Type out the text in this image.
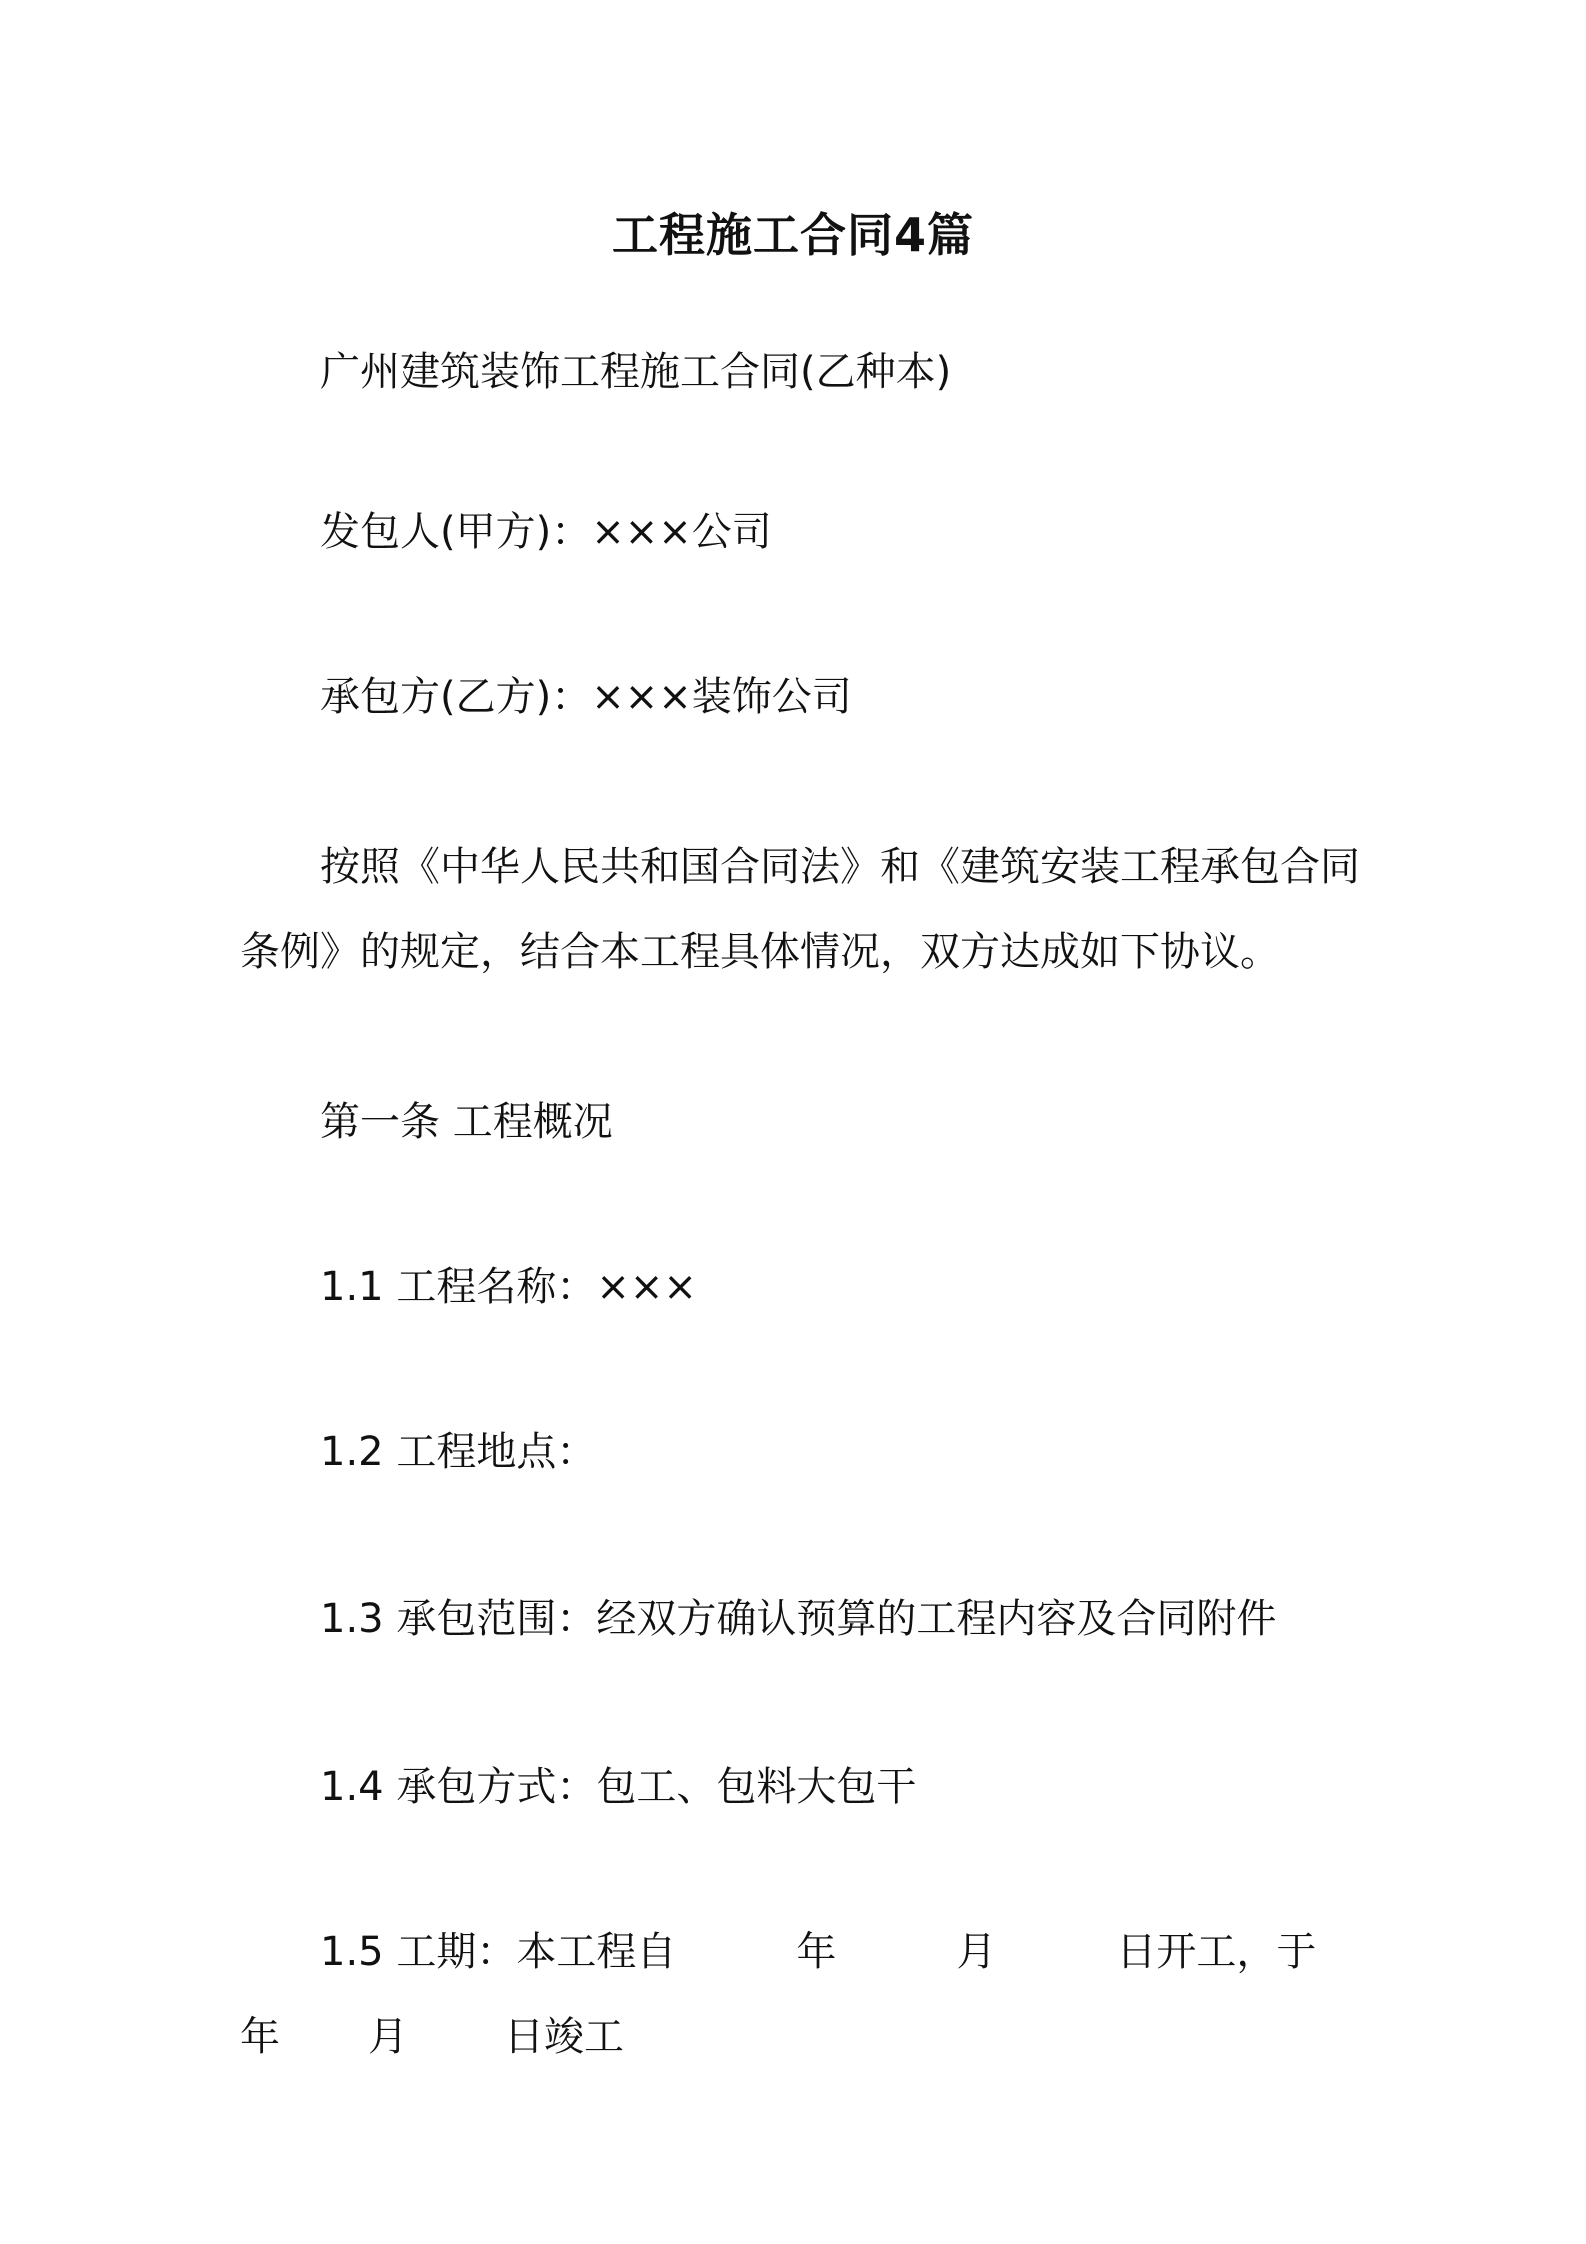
工程施工合同4篇
广州建筑装饰工程施工合同(乙种本)
发包人(甲方)：×××公司
承包方(乙方)：×××装饰公司
按照《中华人民共和国合同法》和《建筑安装工程承包合同
条例》的规定，结合本工程具体情况，双方达成如下协议。
第一条 工程概况
1.1 工程名称：×××
1.2 工程地点：
1.3 承包范围：经双方确认预算的工程内容及合同附件
1.4 承包方式：包工、包料大包干
1.5 工期：本工程自	年	月	日开工，于
年 月 日竣工
